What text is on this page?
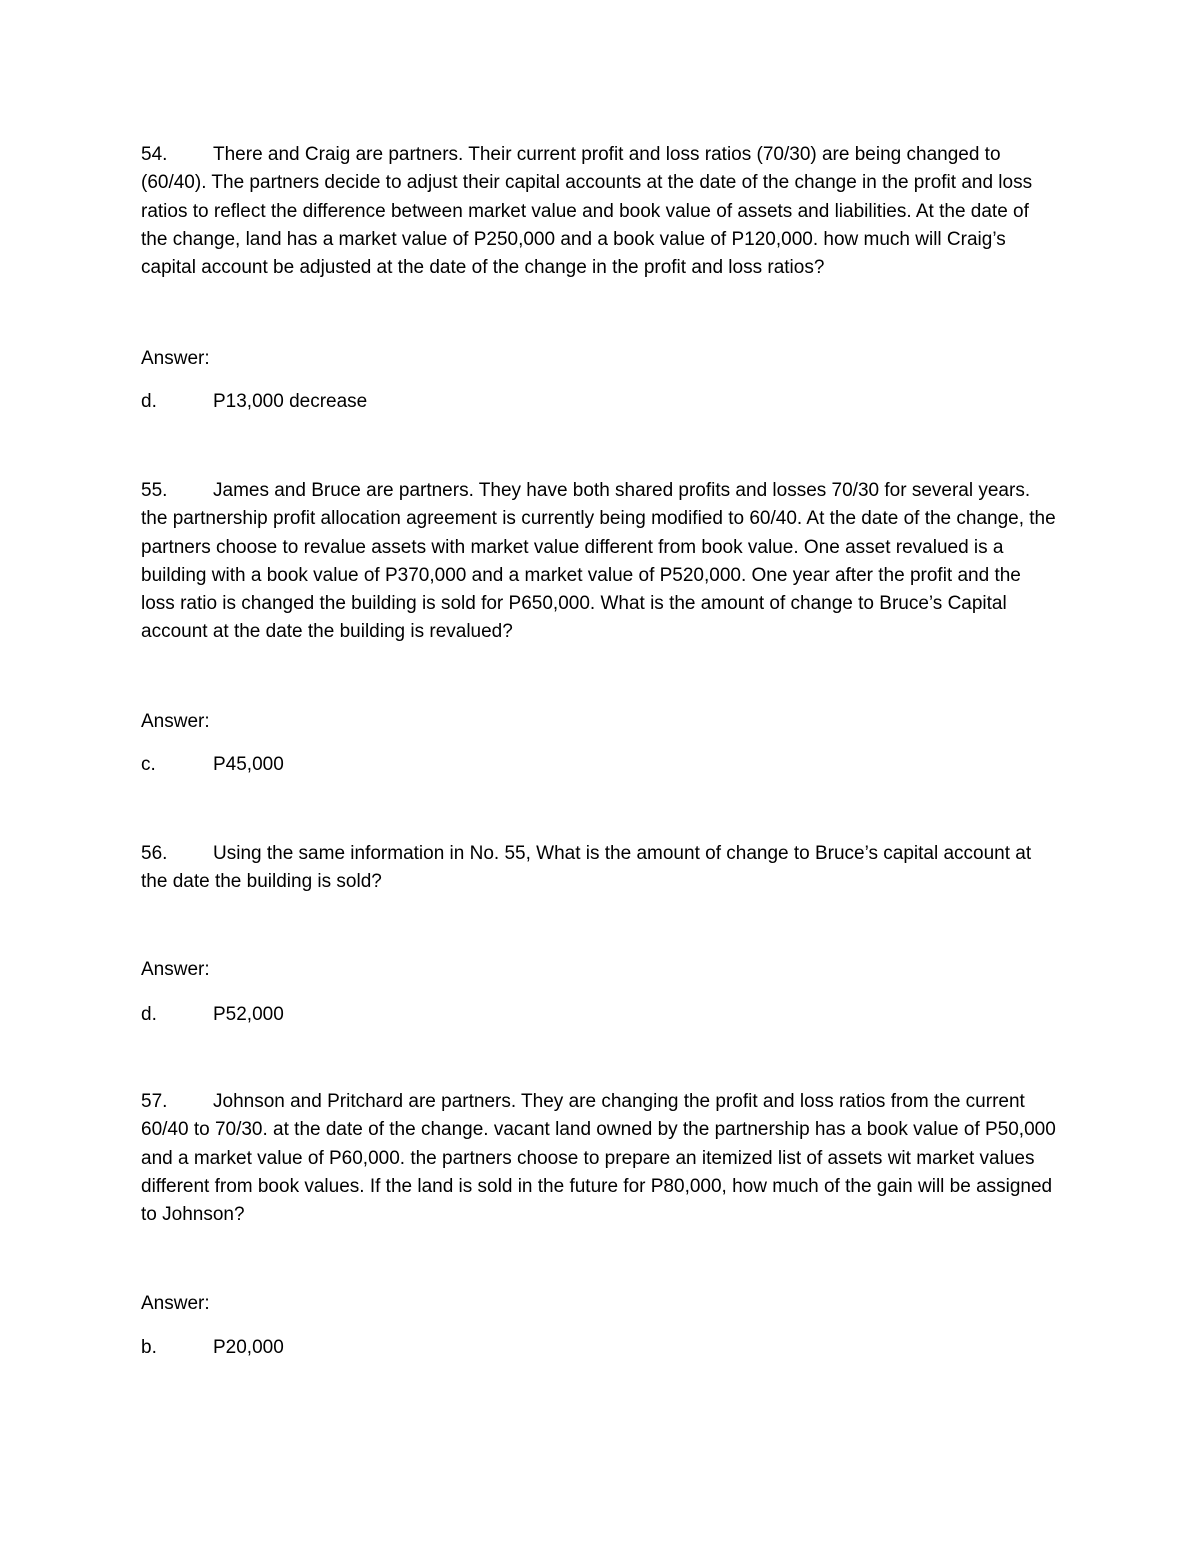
54. There and Craig are partners. Their current profit and loss ratios (70/30) are being changed to (60/40). The partners decide to adjust their capital accounts at the date of the change in the profit and loss ratios to reflect the difference between market value and book value of assets and liabilities. At the date of the change, land has a market value of P250,000 and a book value of P120,000. how much will Craig’s capital account be adjusted at the date of the change in the profit and loss ratios?

Answer:

d.	P13,000 decrease

55. James and Bruce are partners. They have both shared profits and losses 70/30 for several years. the partnership profit allocation agreement is currently being modified to 60/40. At the date of the change, the partners choose to revalue assets with market value different from book value. One asset revalued is a building with a book value of P370,000 and a market value of P520,000. One year after the profit and the loss ratio is changed the building is sold for P650,000. What is the amount of change to Bruce’s Capital account at the date the building is revalued?

Answer:

c.	P45,000

56. Using the same information in No. 55, What is the amount of change to Bruce’s capital account at the date the building is sold?

Answer:

d.	P52,000

57. Johnson and Pritchard are partners. They are changing the profit and loss ratios from the current 60/40 to 70/30. at the date of the change. vacant land owned by the partnership has a book value of P50,000 and a market value of P60,000. the partners choose to prepare an itemized list of assets wit market values different from book values. If the land is sold in the future for P80,000, how much of the gain will be assigned to Johnson?

Answer:

b.	P20,000
